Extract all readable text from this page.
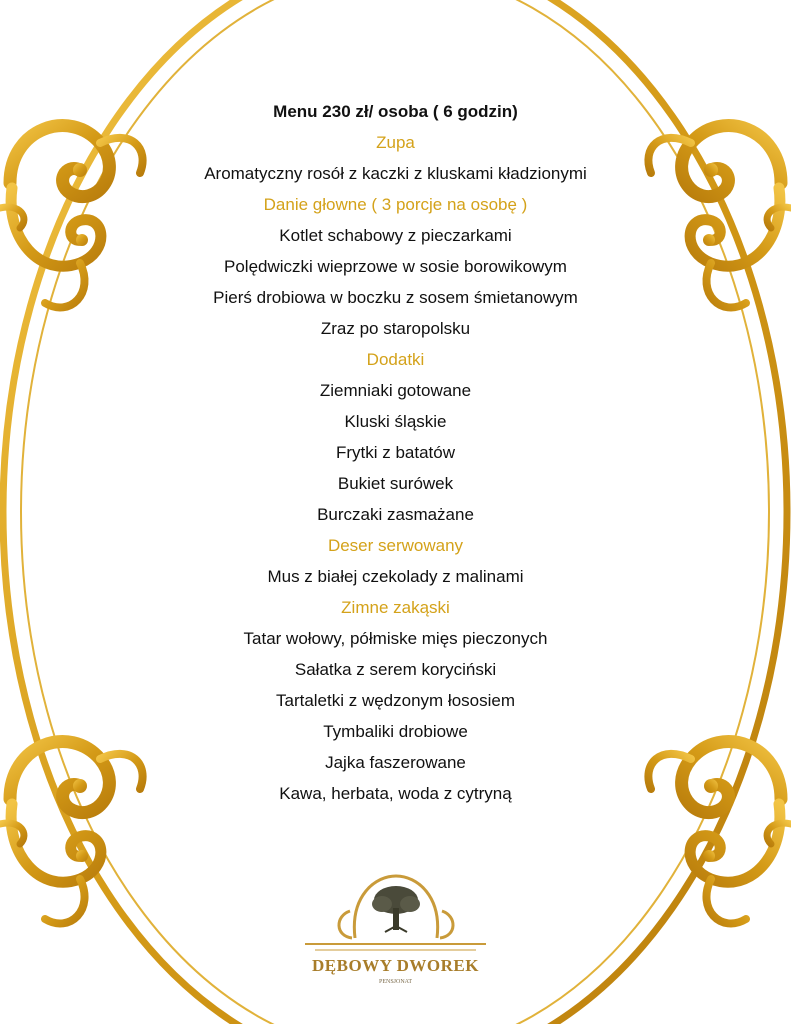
Menu 230 zł/ osoba ( 6 godzin)
Zupa
Aromatyczny rosół z kaczki z kluskami kładzionymi
Danie głowne ( 3 porcje na osobę )
Kotlet schabowy z pieczarkami
Polędwiczki wieprzowe w sosie borowikowym
Pierś drobiowa w boczku z sosem śmietanowym
Zraz po staropolsku
Dodatki
Ziemniaki gotowane
Kluski śląskie
Frytki z batatów
Bukiet surówek
Burczaki zasmażane
Deser serwowany
Mus z białej czekolady z malinami
Zimne zakąski
Tatar wołowy, półmiske mięs pieczonych
Sałatka z serem koryciński
Tartaletki z wędzonym łososiem
Tymbaliki drobiowe
Jajka faszerowane
Kawa, herbata, woda z cytryną
DĘBOWY DWOREK
PENSJONAT
